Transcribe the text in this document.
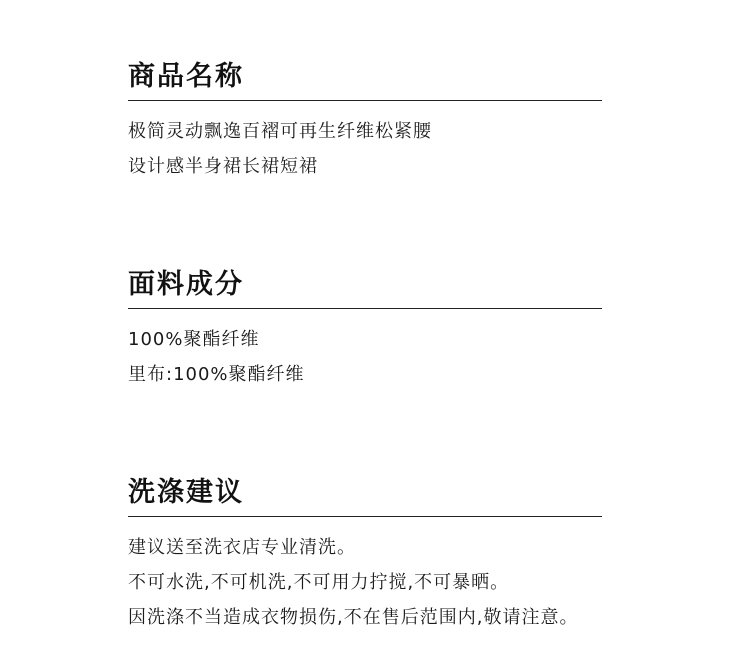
商品名称

极简灵动飘逸百褶可再生纤维松紧腰

设计感半身裙长裙短裙

面料成分

100%聚酯纤维

里布:100%聚酯纤维

洗涤建议

建议送至洗衣店专业清洗。

不可水洗,不可机洗,不可用力拧搅,不可暴晒。

因洗涤不当造成衣物损伤,不在售后范围内,敬请注意。
